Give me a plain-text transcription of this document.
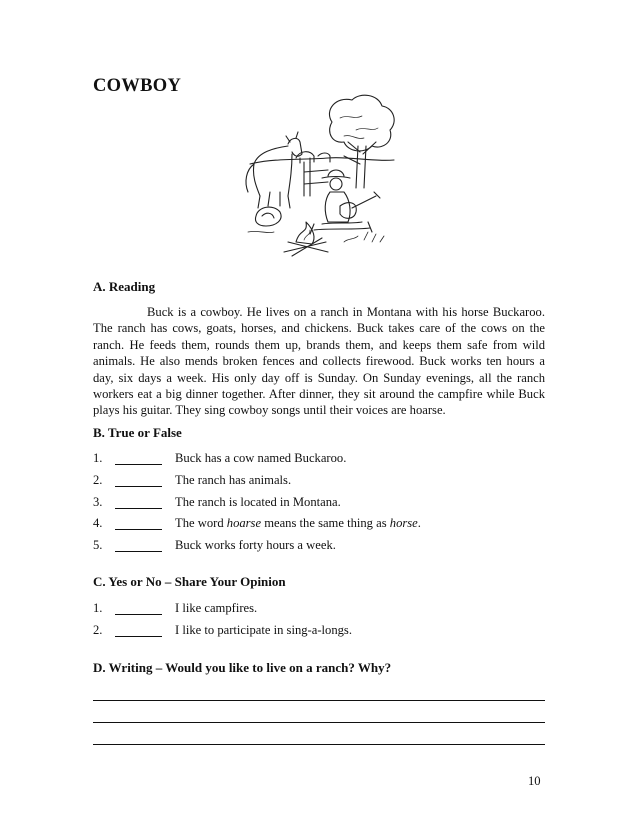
COWBOY
A. Reading

Buck is a cowboy. He lives on a ranch in Montana with his horse Buckaroo. The ranch has cows, goats, horses, and chickens. Buck takes care of the cows on the ranch. He feeds them, rounds them up, brands them, and keeps them safe from wild animals. He also mends broken fences and collects firewood. Buck works ten hours a day, six days a week. His only day off is Sunday. On Sunday evenings, all the ranch workers eat a big dinner together. After dinner, they sit around the campfire while Buck plays his guitar. They sing cowboy songs until their voices are hoarse.

B. True or False
1.	Buck has a cow named Buckaroo.
2.	The ranch has animals.
3.	The ranch is located in Montana.
4.	The word hoarse means the same thing as horse.
5.	Buck works forty hours a week.
C. Yes or No – Share Your Opinion
1.	I like campfires.
2.	I like to participate in sing-a-longs.
D. Writing – Would you like to live on a ranch? Why?
10
